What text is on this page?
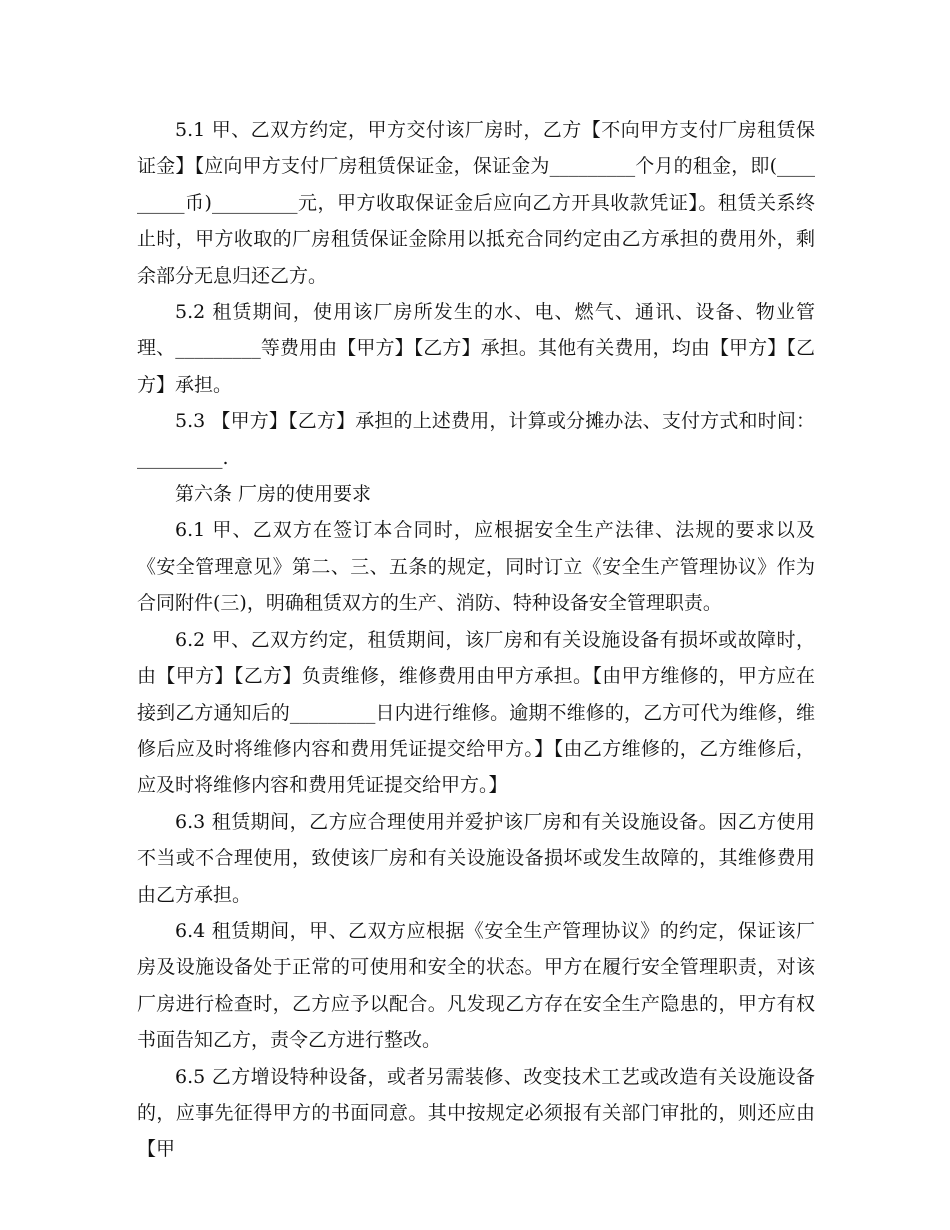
5.1 甲、乙双方约定，甲方交付该厂房时，乙方【不向甲方支付厂房租赁保证金】【应向甲方支付厂房租赁保证金，保证金为_________个月的租金，即(_________币)_________元，甲方收取保证金后应向乙方开具收款凭证】。租赁关系终止时，甲方收取的厂房租赁保证金除用以抵充合同约定由乙方承担的费用外，剩余部分无息归还乙方。

5.2 租赁期间，使用该厂房所发生的水、电、燃气、通讯、设备、物业管理、_________等费用由【甲方】【乙方】承担。其他有关费用，均由【甲方】【乙方】承担。

5.3 【甲方】【乙方】承担的上述费用，计算或分摊办法、支付方式和时间：_________.

第六条 厂房的使用要求

6.1 甲、乙双方在签订本合同时，应根据安全生产法律、法规的要求以及《安全管理意见》第二、三、五条的规定，同时订立《安全生产管理协议》作为合同附件(三)，明确租赁双方的生产、消防、特种设备安全管理职责。

6.2 甲、乙双方约定，租赁期间，该厂房和有关设施设备有损坏或故障时，由【甲方】【乙方】负责维修，维修费用由甲方承担。【由甲方维修的，甲方应在接到乙方通知后的_________日内进行维修。逾期不维修的，乙方可代为维修，维修后应及时将维修内容和费用凭证提交给甲方。】【由乙方维修的，乙方维修后，应及时将维修内容和费用凭证提交给甲方。】

6.3 租赁期间，乙方应合理使用并爱护该厂房和有关设施设备。因乙方使用不当或不合理使用，致使该厂房和有关设施设备损坏或发生故障的，其维修费用由乙方承担。

6.4 租赁期间，甲、乙双方应根据《安全生产管理协议》的约定，保证该厂房及设施设备处于正常的可使用和安全的状态。甲方在履行安全管理职责，对该厂房进行检查时，乙方应予以配合。凡发现乙方存在安全生产隐患的，甲方有权书面告知乙方，责令乙方进行整改。

6.5 乙方增设特种设备，或者另需装修、改变技术工艺或改造有关设施设备的，应事先征得甲方的书面同意。其中按规定必须报有关部门审批的，则还应由【甲
